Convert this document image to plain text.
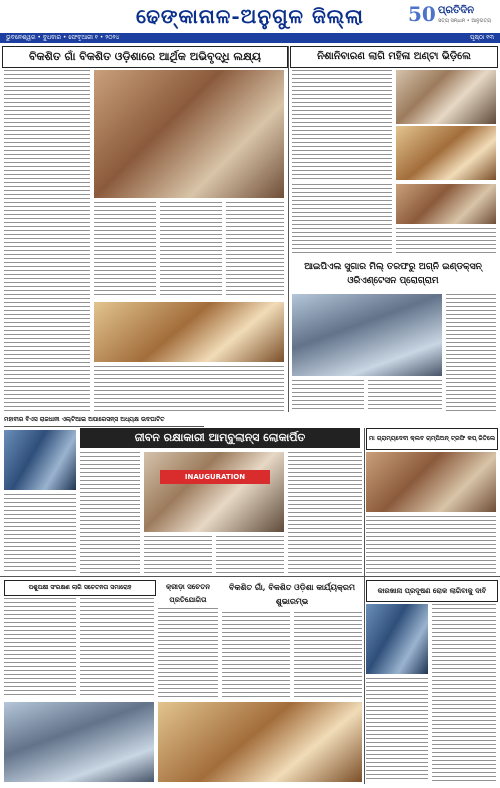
ଢେଙ୍କାନାଳ-ଅନୁଗୁଳ ଜିଲ୍ଲା	50 ପ୍ରତିଦିନ
ସତ୍ୟ ସନ୍ଧାନ • ଆନୁଗତ୍ୟ
ଭୁବନେଶ୍ୱର • ବୁଧବାର • ଫେବୃଆରୀ ୧ • ୨୦୨୪	ପୃଷ୍ଠା ୧୩
ବିକଶିତ ଗାଁ ବିକଶିତ ଓଡ଼ିଶାରେ ଆର୍ଥିକ ଅଭିବୃଦ୍ଧି ଲକ୍ଷ୍ୟ	ନିଶାନିବାରଣ ଲାଗି ମହିଳା ଅଣ୍ଟା ଭିଡ଼ିଲେ
ଆଇପିଏଲ ସୁଗାର ମିଲ୍ ତରଫରୁ ଅଗ୍ନି ଇଣ୍ଡକ୍ସନ୍ ଓରିଏଣ୍ଟେସନ ପ୍ରୋଗ୍ରାମ
ମହାବୀର ବିଏସ ରାଜଧାନୀ ଏଲ୍‌ଟିଆଇ ଅପାରେସନ୍ସ ଅଧ୍ୟକ୍ଷ ଉଦଘାଟିତ
ଜୀବନ ରକ୍ଷାକାରୀ ଆମ୍ବୁଲାନ୍ସ ଲୋକାର୍ପିତ	ମା ଗ୍ରାମ୍ୟଦେବୀ କ୍ଲବ ଚାମ୍ପିଅନ୍ ଟ୍ରଫି କପ୍ ଜିତିଲେ
INAUGURATION
ପଶୁପକ୍ଷୀ ସଂରକ୍ଷଣ ଲାଗି ସଚେତନତା ସମାରୋହ	କ୍ରୀଡ଼ା ସଚେତନ ପ୍ରତିଯୋଗିତା
ବିକଶିତ ଗାଁ, ବିକଶିତ ଓଡ଼ିଶା କାର୍ଯ୍ୟକ୍ରମ ଶୁଭାରମ୍ଭ
କାରଖାନା ପ୍ରଦୂଷଣ ରୋକ ଲାଗିବାକୁ ଦାବି
